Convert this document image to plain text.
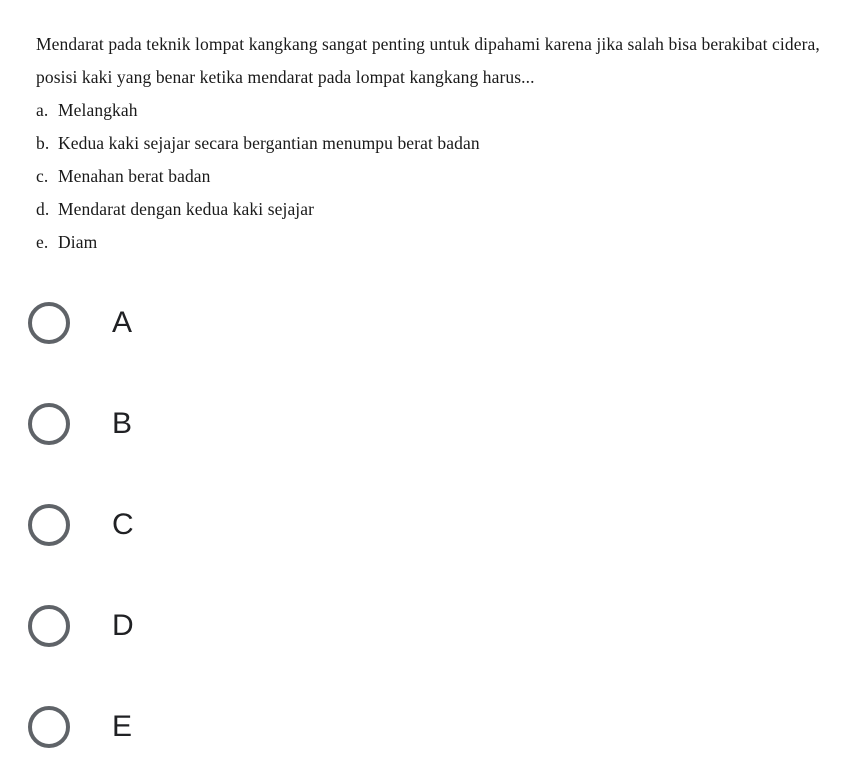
Mendarat pada teknik lompat kangkang sangat penting untuk dipahami karena jika salah bisa berakibat cidera, posisi kaki yang benar ketika mendarat pada lompat kangkang harus...

a. Melangkah
b. Kedua kaki sejajar secara bergantian menumpu berat badan
c. Menahan berat badan
d. Mendarat dengan kedua kaki sejajar
e. Diam
A
B
C
D
E
